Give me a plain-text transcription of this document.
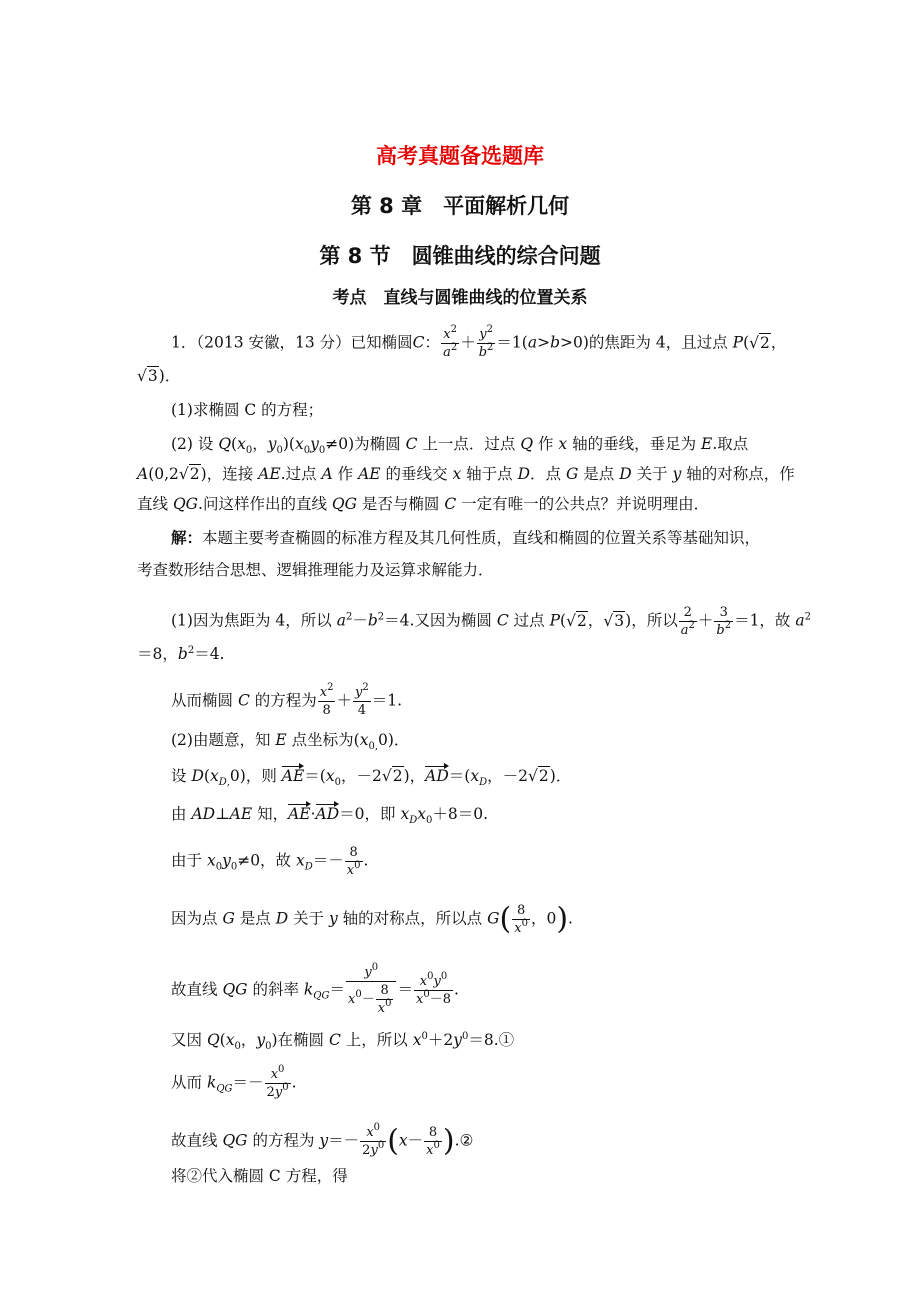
高考真题备选题库
第 8 章　平面解析几何
第 8 节　圆锥曲线的综合问题
考点　直线与圆锥曲线的位置关系
1．（2013 安徽，13 分）已知椭圆C： $\frac{x^2}{a^2} + \frac{y^2}{b^2} =1(a>b>0)$的焦距为 4，且过点 P(√2，
√3)．
(1)求椭圆 C 的方程；
(2) 设 $Q(x_0$，$y_0)(x_0y_0\ne 0)$为椭圆 C 上一点．过点 Q 作 x 轴的垂线，垂足为 E.取点
A(0,2√2)，连接 AE.过点 A 作 AE 的垂线交 x 轴于点 D．点 G 是点 D 关于 y 轴的对称点，作
直线 QG.问这样作出的直线 QG 是否与椭圆 C 一定有唯一的公共点？并说明理由．
解：本题主要考查椭圆的标准方程及其几何性质，直线和椭圆的位置关系等基础知识，
考查数形结合思想、逻辑推理能力及运算求解能力．
(1)因为焦距为 4，所以 $a^2-b^2=4$.又因为椭圆 C 过点 P(√2，√3)，所以 $\frac{2}{a^2} + \frac{3}{b^2} =1$，故 $a^2$
＝8，$b^2=4$.
从而椭圆 C 的方程为 $\frac{x^2}{8} + \frac{y^2}{4} =1$.
(2)由题意，知 E 点坐标为$(x_{0,}0)$．
设 $D(x_{D,}0)$，则 $AE=(x_0$，－2√2)，$AD=(x_D$，－2√2)．
由 AD⊥AE 知，AE·AD＝0，即 $x_Dx_0+8=0$.
由于 $x_0y_0\ne 0$，故 $x_D=- \frac{8}{x^0}$ .
因为点 G 是点 D 关于 y 轴的对称点，所以点 $G( \frac{8}{x^0}$ ，0).
故直线 QG 的斜率 $k_{QG}= \frac{y^0}{x^0- \frac{8}{x^0}} = \frac{x^0y^0}{x^0-8}$ .
又因 $Q(x_0$，$y_0$)在椭圆 C 上，所以 $x^0+2y^0=8.①$
从而 $k_{QG}=- \frac{x^0}{2y^0}$ .
故直线 QG 的方程为 $y=- \frac{x^0}{2y^0} (x- \frac{8}{x^0}$ ).②
将②代入椭圆 C 方程，得
